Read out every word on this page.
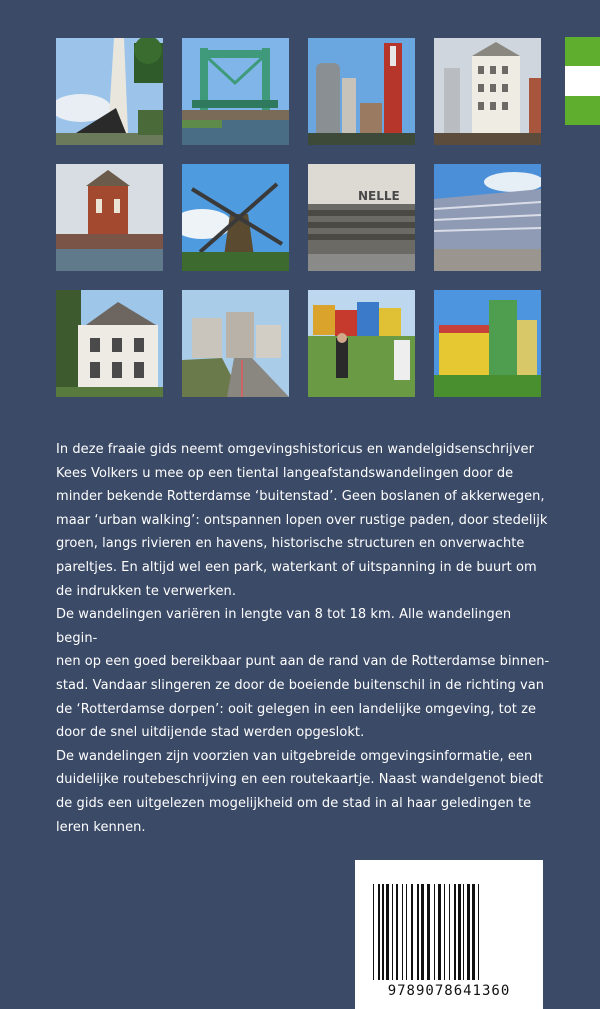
NELLE

In deze fraaie gids neemt omgevingshistoricus en wandelgidsenschrijver
Kees Volkers u mee op een tiental langeafstandswandelingen door de
minder bekende Rotterdamse ‘buitenstad’. Geen boslanen of akkerwegen,
maar ‘urban walking’: ontspannen lopen over rustige paden, door stedelijk
groen, langs rivieren en havens, historische structuren en onverwachte
pareltjes. En altijd wel een park, waterkant of uitspanning in de buurt om
de indrukken te verwerken.

De wandelingen variëren in lengte van 8 tot 18 km. Alle wandelingen begin-
nen op een goed bereikbaar punt aan de rand van de Rotterdamse binnen-
stad. Vandaar slingeren ze door de boeiende buitenschil in de richting van
de ‘Rotterdamse dorpen’: ooit gelegen in een landelijke omgeving, tot ze
door de snel uitdijende stad werden opgeslokt.

De wandelingen zijn voorzien van uitgebreide omgevingsinformatie, een
duidelijke routebeschrijving en een routekaartje. Naast wandelgenot biedt
de gids een uitgelezen mogelijkheid om de stad in al haar geledingen te
leren kennen.

9789078641360
